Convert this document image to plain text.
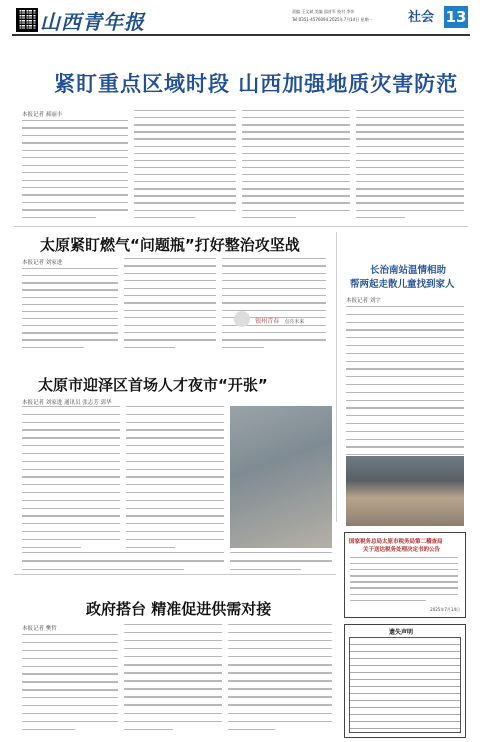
山西青年报	责编 王文斌 美编 邵晋军 校对 李莎
Tel:0351-4576094 2025年7月14日 星期一	社会 13
紧盯重点区域时段 山西加强地质灾害防范
本报记者 郝丽丰
太原紧盯燃气“问题瓶”打好整治攻坚战
本报记者 刘家进
银州青春 点亮未来
长治南站温情相助
帮两起走散儿童找到家人
本报记者 刘宇
太原市迎泽区首场人才夜市“开张”
本报记者 刘家进 通讯员 张志芳 郭华
国家税务总局太原市税务局第二稽查局
关于送达税务处理决定书的公告
2025年7月14日
政府搭台 精准促进供需对接
本报记者 樊哲	遗失声明
